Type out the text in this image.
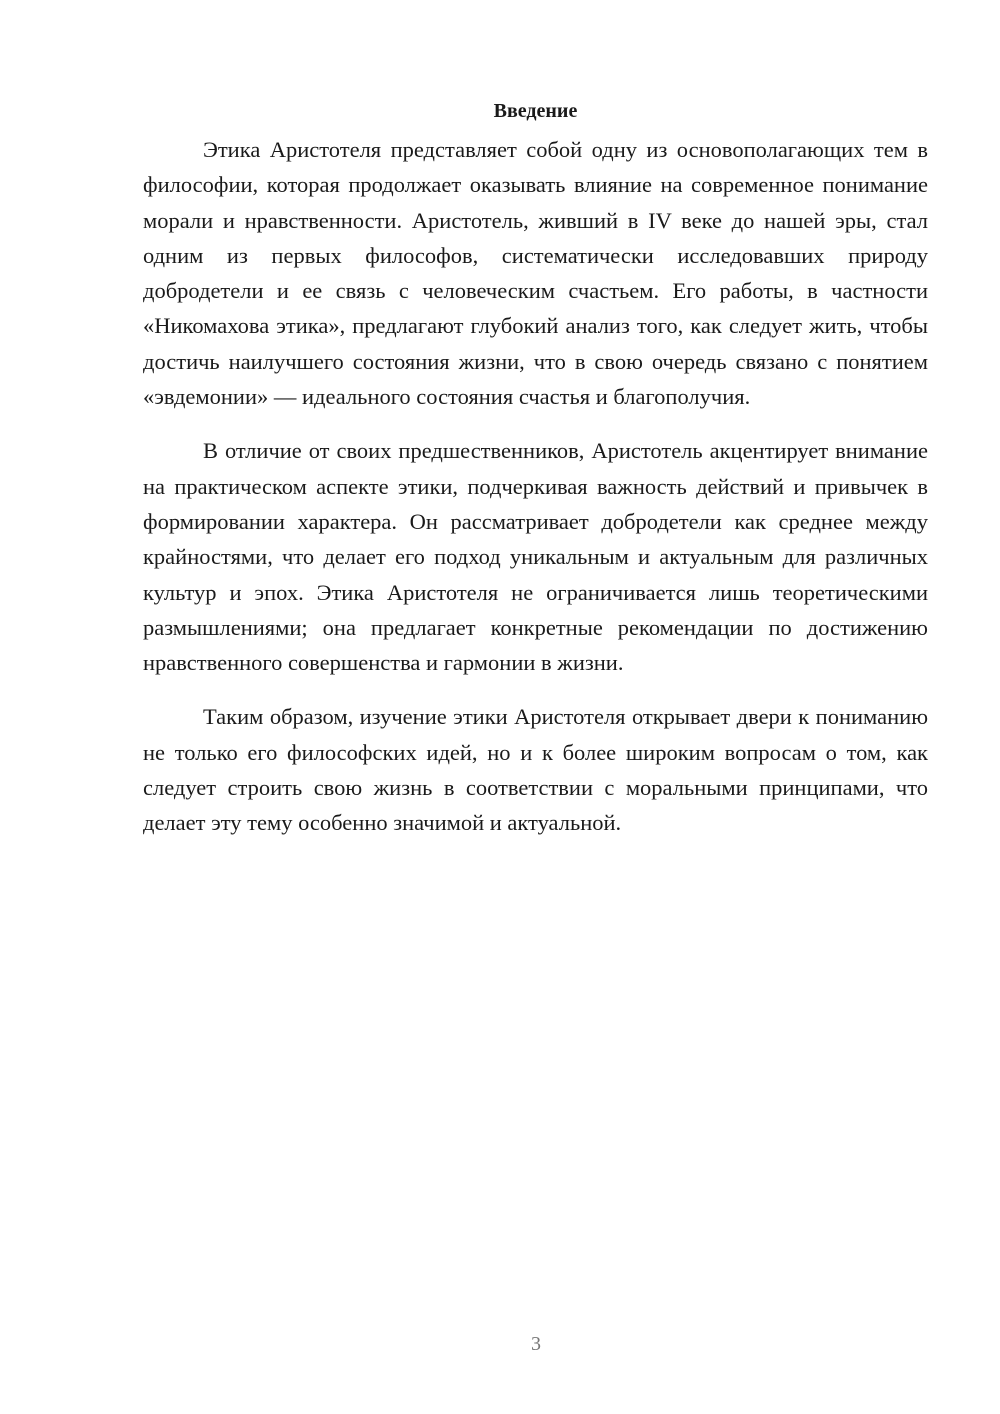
Введение

Этика Аристотеля представляет собой одну из основополагающих тем в философии, которая продолжает оказывать влияние на современное понимание морали и нравственности. Аристотель, живший в IV веке до нашей эры, стал одним из первых философов, систематически исследовавших природу добродетели и ее связь с человеческим счастьем. Его работы, в частности «Никомахова этика», предлагают глубокий анализ того, как следует жить, чтобы достичь наилучшего состояния жизни, что в свою очередь связано с понятием «эвдемонии» — идеального состояния счастья и благополучия.

В отличие от своих предшественников, Аристотель акцентирует внимание на практическом аспекте этики, подчеркивая важность действий и привычек в формировании характера. Он рассматривает добродетели как среднее между крайностями, что делает его подход уникальным и актуальным для различных культур и эпох. Этика Аристотеля не ограничивается лишь теоретическими размышлениями; она предлагает конкретные рекомендации по достижению нравственного совершенства и гармонии в жизни.

Таким образом, изучение этики Аристотеля открывает двери к пониманию не только его философских идей, но и к более широким вопросам о том, как следует строить свою жизнь в соответствии с моральными принципами, что делает эту тему особенно значимой и актуальной.

3
